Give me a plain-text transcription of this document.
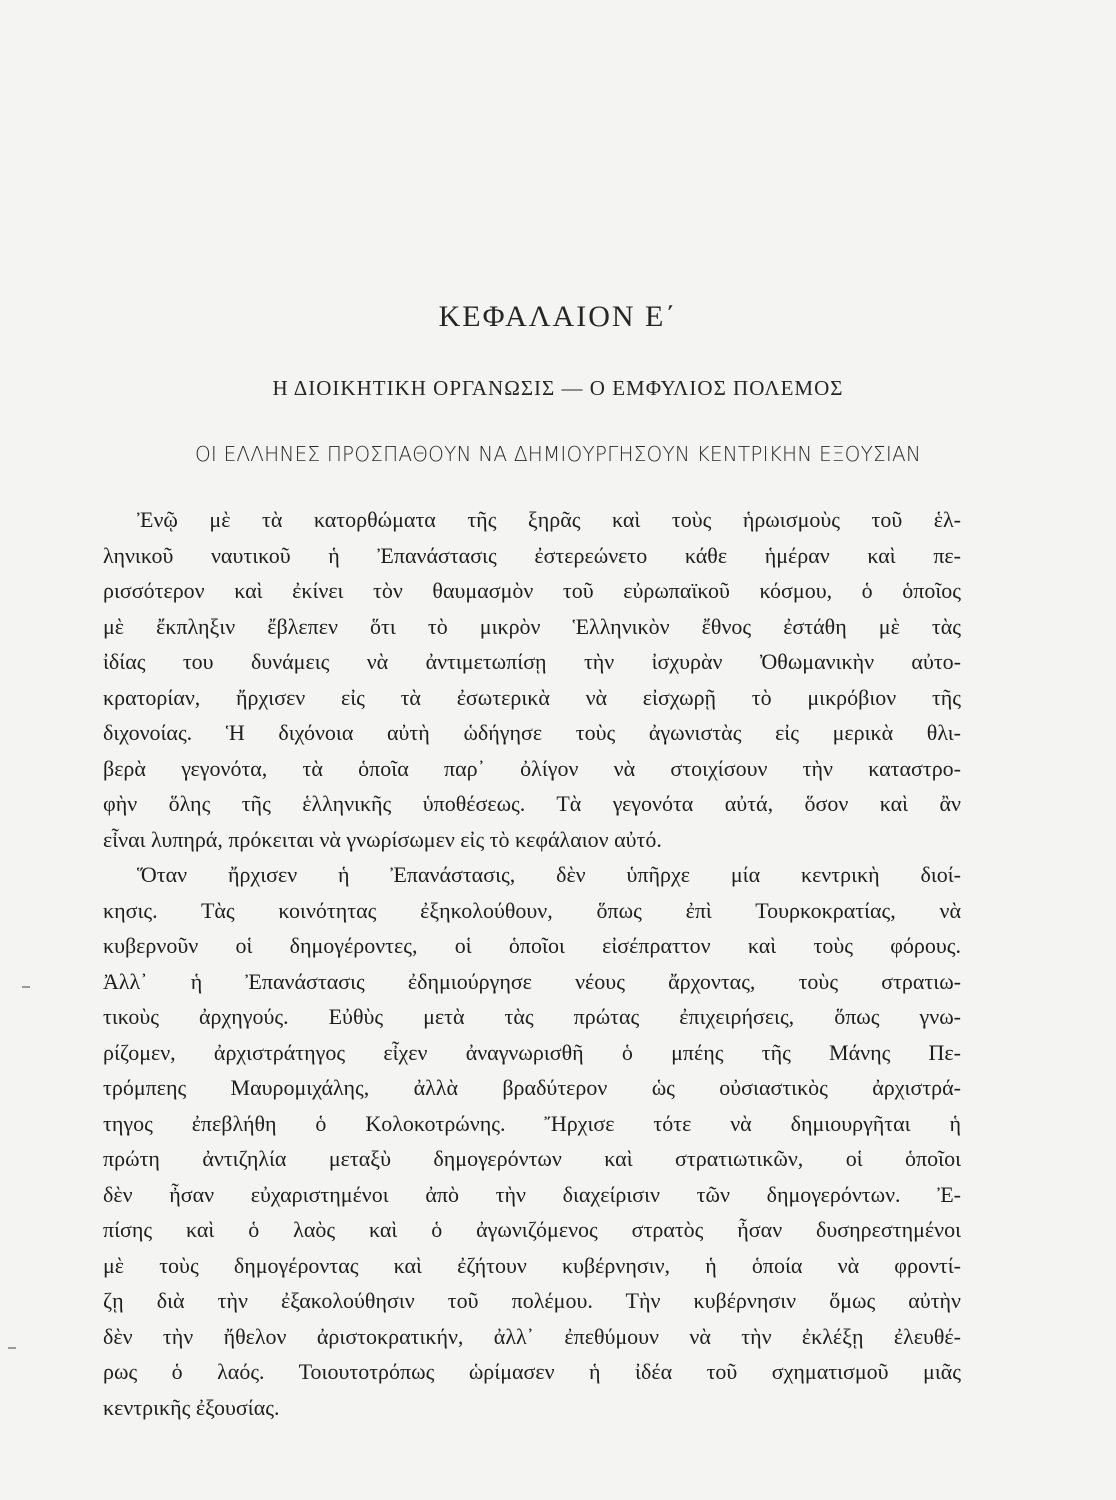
ΚΕΦΑΛΑΙΟΝ Ε΄
Η ΔΙΟΙΚΗΤΙΚΗ ΟΡΓΑΝΩΣΙΣ — Ο ΕΜΦΥΛΙΟΣ ΠΟΛΕΜΟΣ
ΟΙ ΕΛΛΗΝΕΣ ΠΡΟΣΠΑΘΟΥΝ ΝΑ ΔΗΜΙΟΥΡΓΗΣΟΥΝ ΚΕΝΤΡΙΚΗΝ ΕΞΟΥΣΙΑΝ
Ἐνῷ μὲ τὰ κατορθώματα τῆς ξηρᾶς καὶ τοὺς ἡρωισμοὺς τοῦ ἑλ-
ληνικοῦ ναυτικοῦ ἡ Ἐπανάστασις ἐστερεώνετο κάθε ἡμέραν καὶ πε-
ρισσότερον καὶ ἐκίνει τὸν θαυμασμὸν τοῦ εὐρωπαϊκοῦ κόσμου, ὁ ὁποῖος
μὲ ἔκπληξιν ἔβλεπεν ὅτι τὸ μικρὸν Ἑλληνικὸν ἔθνος ἐστάθη μὲ τὰς
ἰδίας του δυνάμεις νὰ ἀντιμετωπίσῃ τὴν ἰσχυρὰν Ὀθωμανικὴν αὐτο-
κρατορίαν, ἤρχισεν εἰς τὰ ἐσωτερικὰ νὰ εἰσχωρῇ τὸ μικρόβιον τῆς
διχονοίας. Ἡ διχόνοια αὐτὴ ὡδήγησε τοὺς ἀγωνιστὰς εἰς μερικὰ θλι-
βερὰ γεγονότα, τὰ ὁποῖα παρ᾽ ὀλίγον νὰ στοιχίσουν τὴν καταστρο-
φὴν ὅλης τῆς ἑλληνικῆς ὑποθέσεως. Τὰ γεγονότα αὐτά, ὅσον καὶ ἂν
εἶναι λυπηρά, πρόκειται νὰ γνωρίσωμεν εἰς τὸ κεφάλαιον αὐτό.
Ὅταν ἤρχισεν ἡ Ἐπανάστασις, δὲν ὑπῆρχε μία κεντρικὴ διοί-
κησις. Τὰς κοινότητας ἐξηκολούθουν, ὅπως ἐπὶ Τουρκοκρατίας, νὰ
κυβερνοῦν οἱ δημογέροντες, οἱ ὁποῖοι εἰσέπραττον καὶ τοὺς φόρους.
Ἀλλ᾽ ἡ Ἐπανάστασις ἐδημιούργησε νέους ἄρχοντας, τοὺς στρατιω-
τικοὺς ἀρχηγούς. Εὐθὺς μετὰ τὰς πρώτας ἐπιχειρήσεις, ὅπως γνω-
ρίζομεν, ἀρχιστράτηγος εἶχεν ἀναγνωρισθῆ ὁ μπέης τῆς Μάνης Πε-
τρόμπεης Μαυρομιχάλης, ἀλλὰ βραδύτερον ὡς οὐσιαστικὸς ἀρχιστρά-
τηγος ἐπεβλήθη ὁ Κολοκοτρώνης. Ἤρχισε τότε νὰ δημιουργῆται ἡ
πρώτη ἀντιζηλία μεταξὺ δημογερόντων καὶ στρατιωτικῶν, οἱ ὁποῖοι
δὲν ἦσαν εὐχαριστημένοι ἀπὸ τὴν διαχείρισιν τῶν δημογερόντων. Ἐ-
πίσης καὶ ὁ λαὸς καὶ ὁ ἀγωνιζόμενος στρατὸς ἦσαν δυσηρεστημένοι
μὲ τοὺς δημογέροντας καὶ ἐζήτουν κυβέρνησιν, ἡ ὁποία νὰ φροντί-
ζῃ διὰ τὴν ἐξακολούθησιν τοῦ πολέμου. Τὴν κυβέρνησιν ὅμως αὐτὴν
δὲν τὴν ἤθελον ἀριστοκρατικήν, ἀλλ᾽ ἐπεθύμουν νὰ τὴν ἐκλέξῃ ἐλευθέ-
ρως ὁ λαός. Τοιουτοτρόπως ὡρίμασεν ἡ ἰδέα τοῦ σχηματισμοῦ μιᾶς
κεντρικῆς ἐξουσίας.
